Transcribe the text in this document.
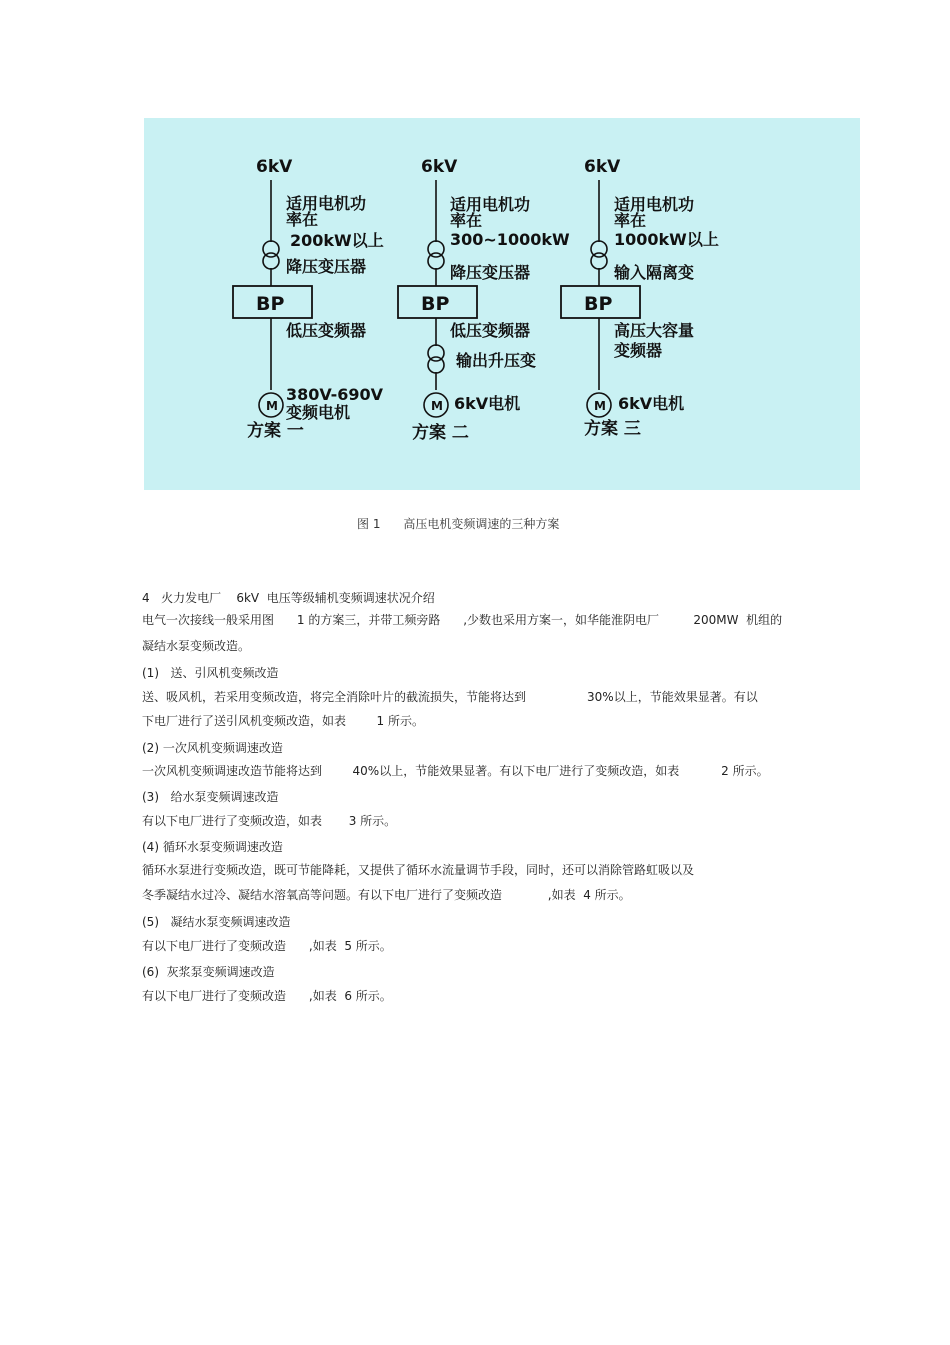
6kV
适用电机功
率在
200kW以上
降压变压器
BP
低压变频器
M
380V-690V
变频电机
方案 一
6kV
适用电机功
率在
300~1000kW
降压变压器
BP
低压变频器
输出升压变
M 6kV电机
方案 二
6kV
适用电机功
率在
1000kW以上
输入隔离变
BP
高压大容量
变频器
M 6kV电机
方案 三
图 1      高压电机变频调速的三种方案
4   火力发电厂    6kV  电压等级辅机变频调速状况介绍
电气一次接线一般采用图      1 的方案三，并带工频旁路      ,少数也采用方案一，如华能淮阴电厂         200MW  机组的
凝结水泵变频改造。
(1)   送、引风机变频改造
送、吸风机，若采用变频改造，将完全消除叶片的截流损失，节能将达到                30%以上，节能效果显著。有以
下电厂进行了送引风机变频改造，如表        1 所示。
(2) 一次风机变频调速改造
一次风机变频调速改造节能将达到        40%以上，节能效果显著。有以下电厂进行了变频改造，如表           2 所示。
(3)   给水泵变频调速改造
有以下电厂进行了变频改造，如表       3 所示。
(4) 循环水泵变频调速改造
循环水泵进行变频改造，既可节能降耗，又提供了循环水流量调节手段，同时，还可以消除管路虹吸以及
冬季凝结水过冷、凝结水溶氧高等问题。有以下电厂进行了变频改造            ,如表  4 所示。
(5)   凝结水泵变频调速改造
有以下电厂进行了变频改造      ,如表  5 所示。
(6)  灰浆泵变频调速改造
有以下电厂进行了变频改造      ,如表  6 所示。
